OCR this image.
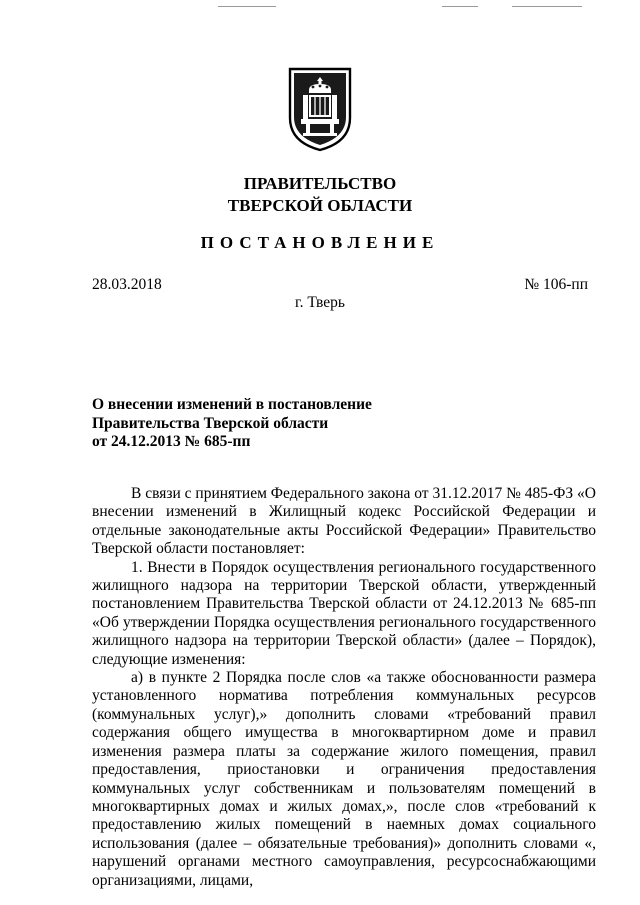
ПРАВИТЕЛЬСТВО
ТВЕРСКОЙ ОБЛАСТИ
ПОСТАНОВЛЕНИЕ
28.03.2018	№ 106-пп
г. Тверь
О внесении изменений в постановление
Правительства Тверской области
от 24.12.2013 № 685-пп

В связи с принятием Федерального закона от 31.12.2017 № 485-ФЗ «О внесении изменений в Жилищный кодекс Российской Федерации и отдельные законодательные акты Российской Федерации» Правительство Тверской области постановляет:

1. Внести в Порядок осуществления регионального государственного жилищного надзора на территории Тверской области, утвержденный постановлением Правительства Тверской области от 24.12.2013 № 685-пп «Об утверждении Порядка осуществления регионального государственного жилищного надзора на территории Тверской области» (далее – Порядок), следующие изменения:

а) в пункте 2 Порядка после слов «а также обоснованности размера установленного норматива потребления коммунальных ресурсов (коммунальных услуг),» дополнить словами «требований правил содержания общего имущества в многоквартирном доме и правил изменения размера платы за содержание жилого помещения, правил предоставления, приостановки и ограничения предоставления коммунальных услуг собственникам и пользователям помещений в многоквартирных домах и жилых домах,», после слов «требований к предоставлению жилых помещений в наемных домах социального использования (далее – обязательные требования)» дополнить словами «, нарушений органами местного самоуправления, ресурсоснабжающими организациями, лицами,
